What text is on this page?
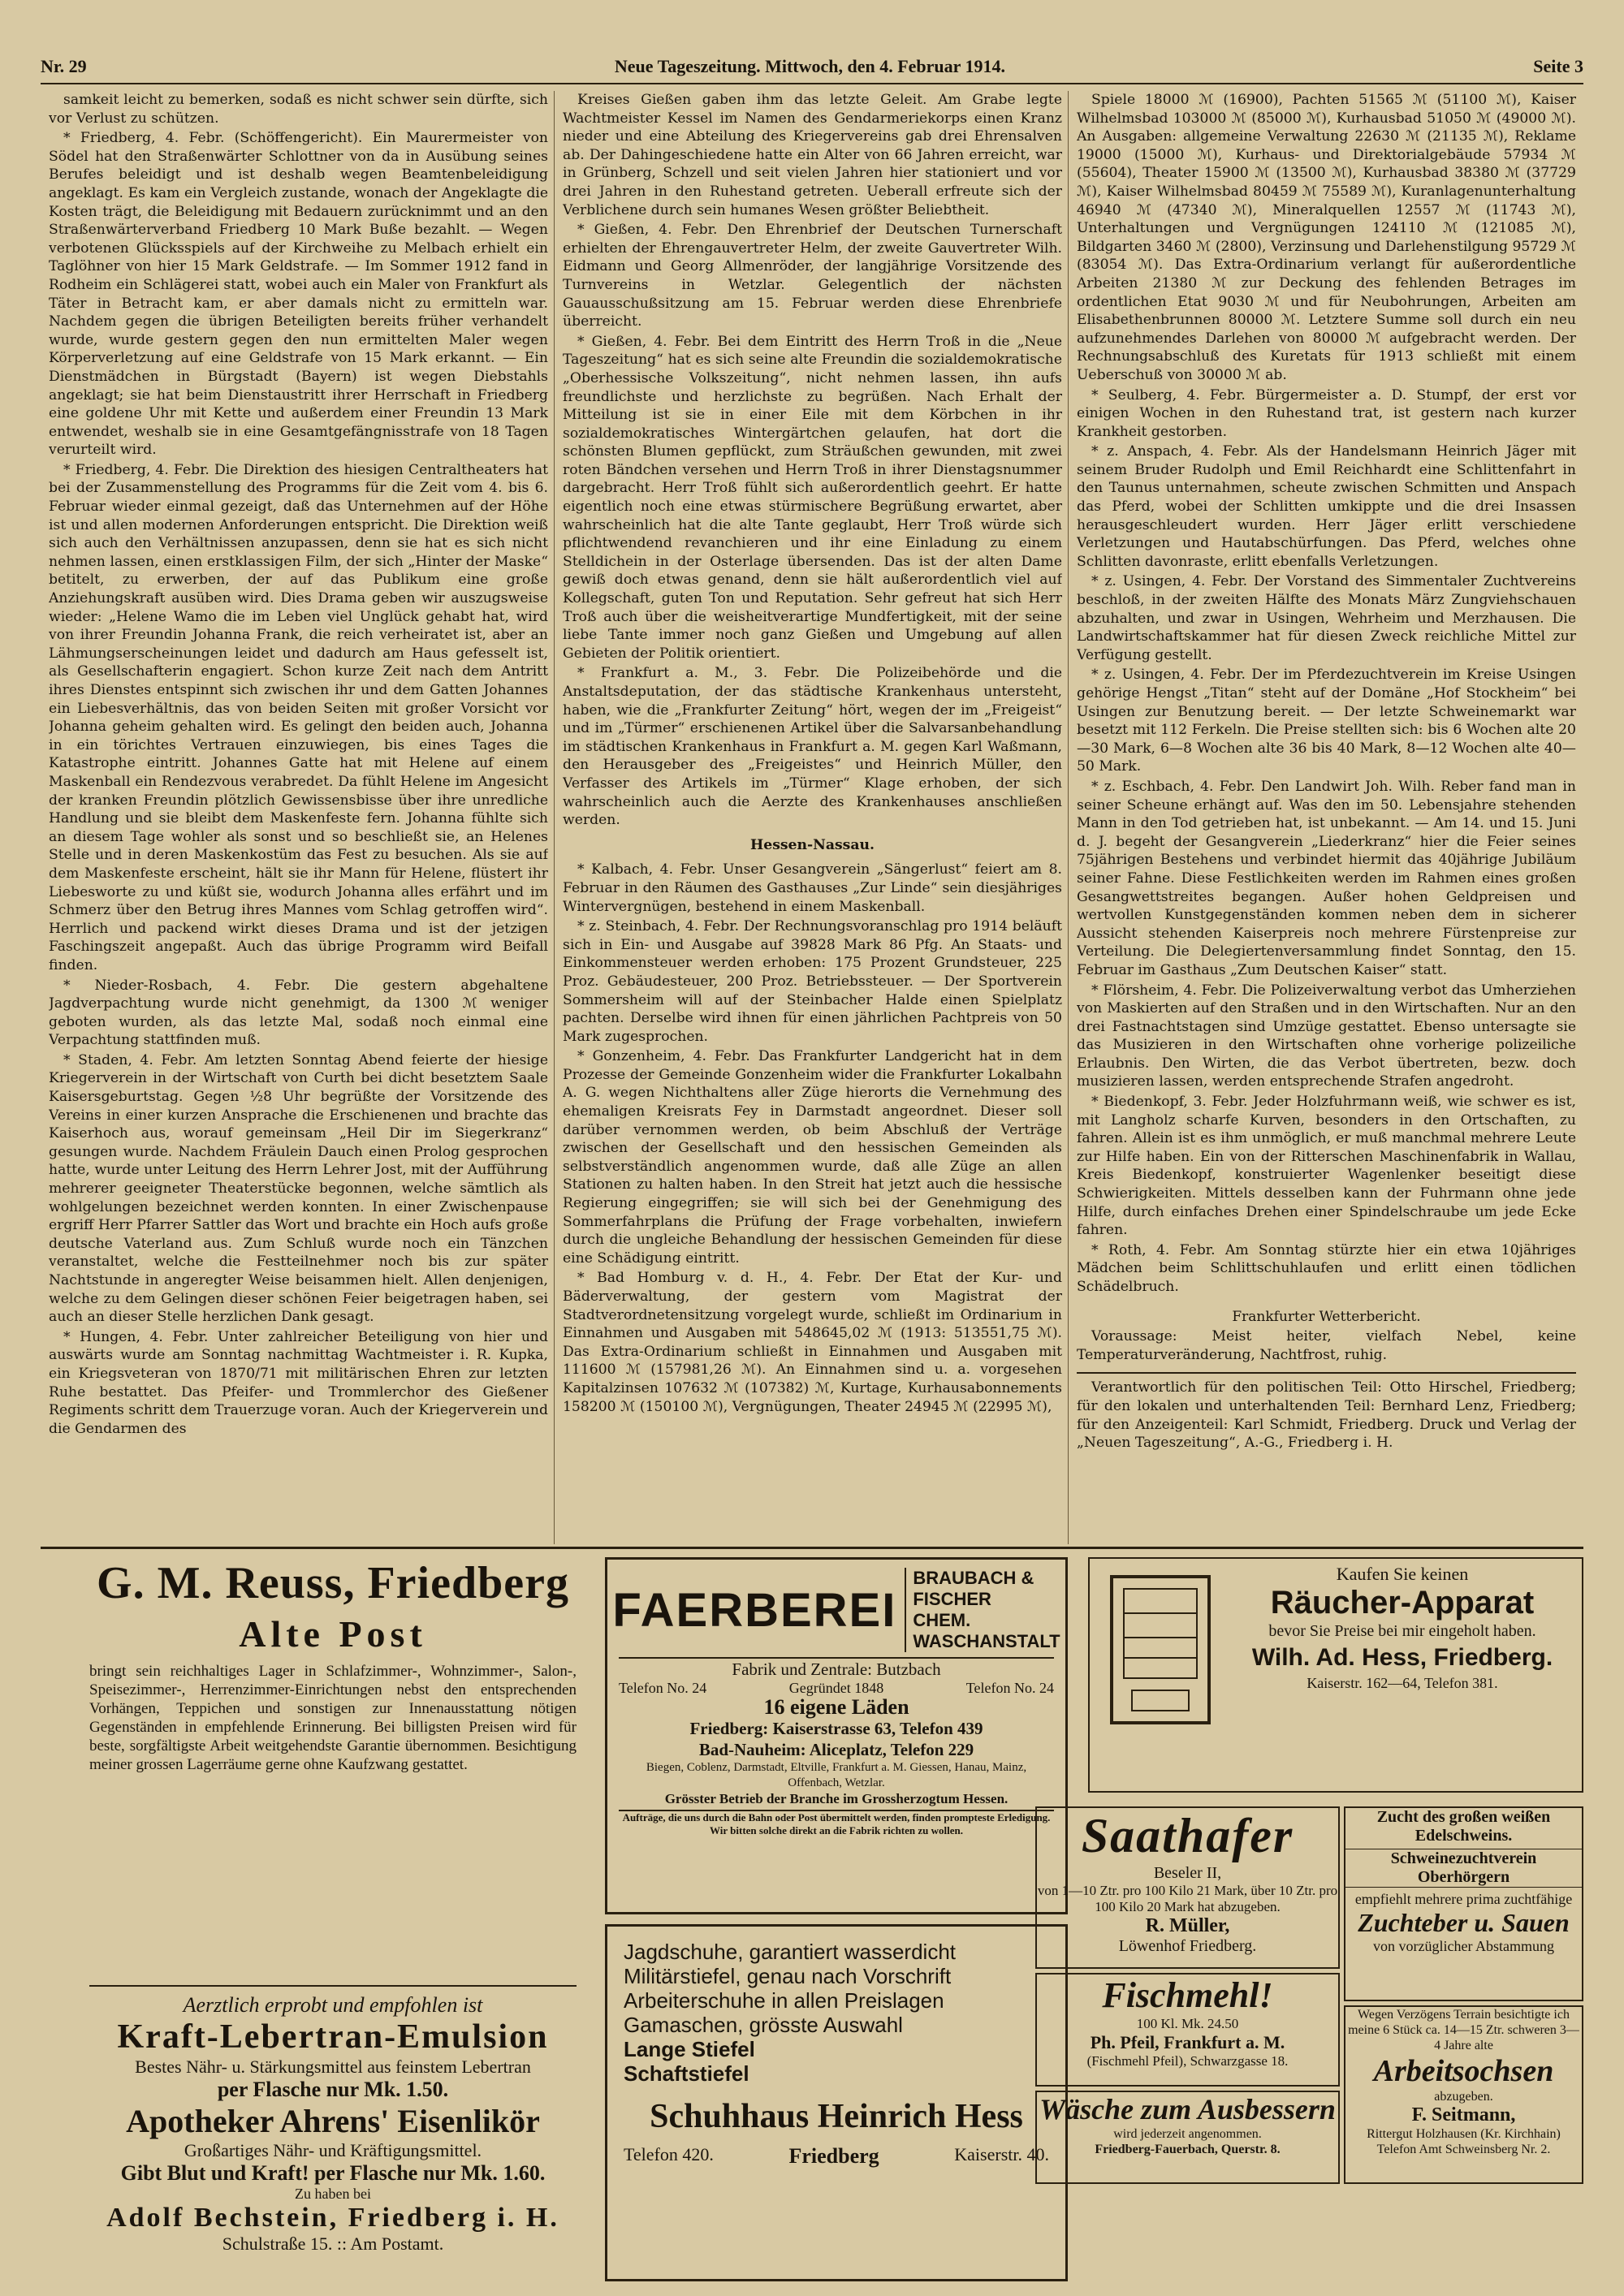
Nr. 29	Neue Tageszeitung. Mittwoch, den 4. Februar 1914.	Seite 3

samkeit leicht zu bemerken, sodaß es nicht schwer sein dürfte, sich vor Verlust zu schützen.

* Friedberg, 4. Febr. (Schöffengericht). Ein Maurermeister von Södel hat den Straßenwärter Schlottner von da in Ausübung seines Berufes beleidigt und ist deshalb wegen Beamtenbeleidigung angeklagt. Es kam ein Vergleich zustande, wonach der Angeklagte die Kosten trägt, die Beleidigung mit Bedauern zurücknimmt und an den Straßenwärterverband Friedberg 10 Mark Buße bezahlt. — Wegen verbotenen Glücksspiels auf der Kirchweihe zu Melbach erhielt ein Taglöhner von hier 15 Mark Geldstrafe. — Im Sommer 1912 fand in Rodheim ein Schlägerei statt, wobei auch ein Maler von Frankfurt als Täter in Betracht kam, er aber damals nicht zu ermitteln war. Nachdem gegen die übrigen Beteiligten bereits früher verhandelt wurde, wurde gestern gegen den nun ermittelten Maler wegen Körperverletzung auf eine Geldstrafe von 15 Mark erkannt. — Ein Dienstmädchen in Bürgstadt (Bayern) ist wegen Diebstahls angeklagt; sie hat beim Dienstaustritt ihrer Herrschaft in Friedberg eine goldene Uhr mit Kette und außerdem einer Freundin 13 Mark entwendet, weshalb sie in eine Gesamtgefängnisstrafe von 18 Tagen verurteilt wird.

* Friedberg, 4. Febr. Die Direktion des hiesigen Centraltheaters hat bei der Zusammenstellung des Programms für die Zeit vom 4. bis 6. Februar wieder einmal gezeigt, daß das Unternehmen auf der Höhe ist und allen modernen Anforderungen entspricht. Die Direktion weiß sich auch den Verhältnissen anzupassen, denn sie hat es sich nicht nehmen lassen, einen erstklassigen Film, der sich „Hinter der Maske“ betitelt, zu erwerben, der auf das Publikum eine große Anziehungskraft ausüben wird. Dies Drama geben wir auszugsweise wieder: „Helene Wamo die im Leben viel Unglück gehabt hat, wird von ihrer Freundin Johanna Frank, die reich verheiratet ist, aber an Lähmungserscheinungen leidet und dadurch am Haus gefesselt ist, als Gesellschafterin engagiert. Schon kurze Zeit nach dem Antritt ihres Dienstes entspinnt sich zwischen ihr und dem Gatten Johannes ein Liebesverhältnis, das von beiden Seiten mit großer Vorsicht vor Johanna geheim gehalten wird. Es gelingt den beiden auch, Johanna in ein törichtes Vertrauen einzuwiegen, bis eines Tages die Katastrophe eintritt. Johannes Gatte hat mit Helene auf einem Maskenball ein Rendezvous verabredet. Da fühlt Helene im Angesicht der kranken Freundin plötzlich Gewissensbisse über ihre unredliche Handlung und sie bleibt dem Maskenfeste fern. Johanna fühlte sich an diesem Tage wohler als sonst und so beschließt sie, an Helenes Stelle und in deren Maskenkostüm das Fest zu besuchen. Als sie auf dem Maskenfeste erscheint, hält sie ihr Mann für Helene, flüstert ihr Liebesworte zu und küßt sie, wodurch Johanna alles erfährt und im Schmerz über den Betrug ihres Mannes vom Schlag getroffen wird“. Herrlich und packend wirkt dieses Drama und ist der jetzigen Faschingszeit angepaßt. Auch das übrige Programm wird Beifall finden.

* Nieder-Rosbach, 4. Febr. Die gestern abgehaltene Jagdverpachtung wurde nicht genehmigt, da 1300 ℳ weniger geboten wurden, als das letzte Mal, sodaß noch einmal eine Verpachtung stattfinden muß.

* Staden, 4. Febr. Am letzten Sonntag Abend feierte der hiesige Kriegerverein in der Wirtschaft von Curth bei dicht besetztem Saale Kaisersgeburtstag. Gegen ½8 Uhr begrüßte der Vorsitzende des Vereins in einer kurzen Ansprache die Erschienenen und brachte das Kaiserhoch aus, worauf gemeinsam „Heil Dir im Siegerkranz“ gesungen wurde. Nachdem Fräulein Dauch einen Prolog gesprochen hatte, wurde unter Leitung des Herrn Lehrer Jost, mit der Aufführung mehrerer geeigneter Theaterstücke begonnen, welche sämtlich als wohlgelungen bezeichnet werden konnten. In einer Zwischenpause ergriff Herr Pfarrer Sattler das Wort und brachte ein Hoch aufs große deutsche Vaterland aus. Zum Schluß wurde noch ein Tänzchen veranstaltet, welche die Festteilnehmer noch bis zur später Nachtstunde in angeregter Weise beisammen hielt. Allen denjenigen, welche zu dem Gelingen dieser schönen Feier beigetragen haben, sei auch an dieser Stelle herzlichen Dank gesagt.

* Hungen, 4. Febr. Unter zahlreicher Beteiligung von hier und auswärts wurde am Sonntag nachmittag Wachtmeister i. R. Kupka, ein Kriegsveteran von 1870/71 mit militärischen Ehren zur letzten Ruhe bestattet. Das Pfeifer- und Trommlerchor des Gießener Regiments schritt dem Trauerzuge voran. Auch der Kriegerverein und die Gendarmen des

Kreises Gießen gaben ihm das letzte Geleit. Am Grabe legte Wachtmeister Kessel im Namen des Gendarmeriekorps einen Kranz nieder und eine Abteilung des Kriegervereins gab drei Ehrensalven ab. Der Dahingeschiedene hatte ein Alter von 66 Jahren erreicht, war in Grünberg, Schzell und seit vielen Jahren hier stationiert und vor drei Jahren in den Ruhestand getreten. Ueberall erfreute sich der Verblichene durch sein humanes Wesen größter Beliebtheit.

* Gießen, 4. Febr. Den Ehrenbrief der Deutschen Turnerschaft erhielten der Ehrengauvertreter Helm, der zweite Gauvertreter Wilh. Eidmann und Georg Allmenröder, der langjährige Vorsitzende des Turnvereins in Wetzlar. Gelegentlich der nächsten Gauausschußsitzung am 15. Februar werden diese Ehrenbriefe überreicht.

* Gießen, 4. Febr. Bei dem Eintritt des Herrn Troß in die „Neue Tageszeitung“ hat es sich seine alte Freundin die sozialdemokratische „Oberhessische Volkszeitung“, nicht nehmen lassen, ihn aufs freundlichste und herzlichste zu begrüßen. Nach Erhalt der Mitteilung ist sie in einer Eile mit dem Körbchen in ihr sozialdemokratisches Wintergärtchen gelaufen, hat dort die schönsten Blumen gepflückt, zum Sträußchen gewunden, mit zwei roten Bändchen versehen und Herrn Troß in ihrer Dienstagsnummer dargebracht. Herr Troß fühlt sich außerordentlich geehrt. Er hatte eigentlich noch eine etwas stürmischere Begrüßung erwartet, aber wahrscheinlich hat die alte Tante geglaubt, Herr Troß würde sich pflichtwendend revanchieren und ihr eine Einladung zu einem Stelldichein in der Osterlage übersenden. Das ist der alten Dame gewiß doch etwas genand, denn sie hält außerordentlich viel auf Kollegschaft, guten Ton und Reputation. Sehr gefreut hat sich Herr Troß auch über die weisheitverartige Mundfertigkeit, mit der seine liebe Tante immer noch ganz Gießen und Umgebung auf allen Gebieten der Politik orientiert.

* Frankfurt a. M., 3. Febr. Die Polizeibehörde und die Anstaltsdeputation, der das städtische Krankenhaus untersteht, haben, wie die „Frankfurter Zeitung“ hört, wegen der im „Freigeist“ und im „Türmer“ erschienenen Artikel über die Salvarsanbehandlung im städtischen Krankenhaus in Frankfurt a. M. gegen Karl Waßmann, den Herausgeber des „Freigeistes“ und Heinrich Müller, den Verfasser des Artikels im „Türmer“ Klage erhoben, der sich wahrscheinlich auch die Aerzte des Krankenhauses anschließen werden.

Hessen-Nassau.

* Kalbach, 4. Febr. Unser Gesangverein „Sängerlust“ feiert am 8. Februar in den Räumen des Gasthauses „Zur Linde“ sein diesjähriges Wintervergnügen, bestehend in einem Maskenball.

* z. Steinbach, 4. Febr. Der Rechnungsvoranschlag pro 1914 beläuft sich in Ein- und Ausgabe auf 39828 Mark 86 Pfg. An Staats- und Einkommensteuer werden erhoben: 175 Prozent Grundsteuer, 225 Proz. Gebäudesteuer, 200 Proz. Betriebssteuer. — Der Sportverein Sommersheim will auf der Steinbacher Halde einen Spielplatz pachten. Derselbe wird ihnen für einen jährlichen Pachtpreis von 50 Mark zugesprochen.

* Gonzenheim, 4. Febr. Das Frankfurter Landgericht hat in dem Prozesse der Gemeinde Gonzenheim wider die Frankfurter Lokalbahn A. G. wegen Nichthaltens aller Züge hierorts die Vernehmung des ehemaligen Kreisrats Fey in Darmstadt angeordnet. Dieser soll darüber vernommen werden, ob beim Abschluß der Verträge zwischen der Gesellschaft und den hessischen Gemeinden als selbstverständlich angenommen wurde, daß alle Züge an allen Stationen zu halten haben. In den Streit hat jetzt auch die hessische Regierung eingegriffen; sie will sich bei der Genehmigung des Sommerfahrplans die Prüfung der Frage vorbehalten, inwiefern durch die ungleiche Behandlung der hessischen Gemeinden für diese eine Schädigung eintritt.

* Bad Homburg v. d. H., 4. Febr. Der Etat der Kur- und Bäderverwaltung, der gestern vom Magistrat der Stadtverordnetensitzung vorgelegt wurde, schließt im Ordinarium in Einnahmen und Ausgaben mit 548645,02 ℳ (1913: 513551,75 ℳ). Das Extra-Ordinarium schließt in Einnahmen und Ausgaben mit 111600 ℳ (157981,26 ℳ). An Einnahmen sind u. a. vorgesehen Kapitalzinsen 107632 ℳ (107382) ℳ, Kurtage, Kurhausabonnements 158200 ℳ (150100 ℳ), Vergnügungen, Theater 24945 ℳ (22995 ℳ),

Spiele 18000 ℳ (16900), Pachten 51565 ℳ (51100 ℳ), Kaiser Wilhelmsbad 103000 ℳ (85000 ℳ), Kurhausbad 51050 ℳ (49000 ℳ). An Ausgaben: allgemeine Verwaltung 22630 ℳ (21135 ℳ), Reklame 19000 (15000 ℳ), Kurhaus- und Direktorialgebäude 57934 ℳ (55604), Theater 15900 ℳ (13500 ℳ), Kurhausbad 38380 ℳ (37729 ℳ), Kaiser Wilhelmsbad 80459 ℳ 75589 ℳ), Kuranlagenunterhaltung 46940 ℳ (47340 ℳ), Mineralquellen 12557 ℳ (11743 ℳ), Unterhaltungen und Vergnügungen 124110 ℳ (121085 ℳ), Bildgarten 3460 ℳ (2800), Verzinsung und Darlehenstilgung 95729 ℳ (83054 ℳ). Das Extra-Ordinarium verlangt für außerordentliche Arbeiten 21380 ℳ zur Deckung des fehlenden Betrages im ordentlichen Etat 9030 ℳ und für Neubohrungen, Arbeiten am Elisabethenbrunnen 80000 ℳ. Letztere Summe soll durch ein neu aufzunehmendes Darlehen von 80000 ℳ aufgebracht werden. Der Rechnungsabschluß des Kuretats für 1913 schließt mit einem Ueberschuß von 30000 ℳ ab.

* Seulberg, 4. Febr. Bürgermeister a. D. Stumpf, der erst vor einigen Wochen in den Ruhestand trat, ist gestern nach kurzer Krankheit gestorben.

* z. Anspach, 4. Febr. Als der Handelsmann Heinrich Jäger mit seinem Bruder Rudolph und Emil Reichhardt eine Schlittenfahrt in den Taunus unternahmen, scheute zwischen Schmitten und Anspach das Pferd, wobei der Schlitten umkippte und die drei Insassen herausgeschleudert wurden. Herr Jäger erlitt verschiedene Verletzungen und Hautabschürfungen. Das Pferd, welches ohne Schlitten davonraste, erlitt ebenfalls Verletzungen.

* z. Usingen, 4. Febr. Der Vorstand des Simmentaler Zuchtvereins beschloß, in der zweiten Hälfte des Monats März Zungviehschauen abzuhalten, und zwar in Usingen, Wehrheim und Merzhausen. Die Landwirtschaftskammer hat für diesen Zweck reichliche Mittel zur Verfügung gestellt.

* z. Usingen, 4. Febr. Der im Pferdezuchtverein im Kreise Usingen gehörige Hengst „Titan“ steht auf der Domäne „Hof Stockheim“ bei Usingen zur Benutzung bereit. — Der letzte Schweinemarkt war besetzt mit 112 Ferkeln. Die Preise stellten sich: bis 6 Wochen alte 20—30 Mark, 6—8 Wochen alte 36 bis 40 Mark, 8—12 Wochen alte 40—50 Mark.

* z. Eschbach, 4. Febr. Den Landwirt Joh. Wilh. Reber fand man in seiner Scheune erhängt auf. Was den im 50. Lebensjahre stehenden Mann in den Tod getrieben hat, ist unbekannt. — Am 14. und 15. Juni d. J. begeht der Gesangverein „Liederkranz“ hier die Feier seines 75jährigen Bestehens und verbindet hiermit das 40jährige Jubiläum seiner Fahne. Diese Festlichkeiten werden im Rahmen eines großen Gesangwettstreites begangen. Außer hohen Geldpreisen und wertvollen Kunstgegenständen kommen neben dem in sicherer Aussicht stehenden Kaiserpreis noch mehrere Fürstenpreise zur Verteilung. Die Delegiertenversammlung findet Sonntag, den 15. Februar im Gasthaus „Zum Deutschen Kaiser“ statt.

* Flörsheim, 4. Febr. Die Polizeiverwaltung verbot das Umherziehen von Maskierten auf den Straßen und in den Wirtschaften. Nur an den drei Fastnachtstagen sind Umzüge gestattet. Ebenso untersagte sie das Musizieren in den Wirtschaften ohne vorherige polizeiliche Erlaubnis. Den Wirten, die das Verbot übertreten, bezw. doch musizieren lassen, werden entsprechende Strafen angedroht.

* Biedenkopf, 3. Febr. Jeder Holzfuhrmann weiß, wie schwer es ist, mit Langholz scharfe Kurven, besonders in den Ortschaften, zu fahren. Allein ist es ihm unmöglich, er muß manchmal mehrere Leute zur Hilfe haben. Ein von der Ritterschen Maschinenfabrik in Wallau, Kreis Biedenkopf, konstruierter Wagenlenker beseitigt diese Schwierigkeiten. Mittels desselben kann der Fuhrmann ohne jede Hilfe, durch einfaches Drehen einer Spindelschraube um jede Ecke fahren.

* Roth, 4. Febr. Am Sonntag stürzte hier ein etwa 10jähriges Mädchen beim Schlittschuhlaufen und erlitt einen tödlichen Schädelbruch.

Frankfurter Wetterbericht.

Voraussage: Meist heiter, vielfach Nebel, keine Temperaturveränderung, Nachtfrost, ruhig.

Verantwortlich für den politischen Teil: Otto Hirschel, Friedberg; für den lokalen und unterhaltenden Teil: Bernhard Lenz, Friedberg; für den Anzeigenteil: Karl Schmidt, Friedberg. Druck und Verlag der „Neuen Tageszeitung“, A.-G., Friedberg i. H.

G. M. Reuss, Friedberg
Alte Post
bringt sein reichhaltiges Lager in Schlafzimmer-, Wohnzimmer-, Salon-, Speisezimmer-, Herrenzimmer-Einrichtungen nebst den entsprechenden Vorhängen, Teppichen und sonstigen zur Innenausstattung nötigen Gegenständen in empfehlende Erinnerung. Bei billigsten Preisen wird für beste, sorgfältigste Arbeit weitgehendste Garantie übernommen. Besichtigung meiner grossen Lagerräume gerne ohne Kaufzwang gestattet.
Aerztlich erprobt und empfohlen ist
Kraft-Lebertran-Emulsion
Bestes Nähr- u. Stärkungsmittel aus feinstem Lebertran
per Flasche nur Mk. 1.50.
Apotheker Ahrens' Eisenlikör
Großartiges Nähr- und Kräftigungsmittel.
Gibt Blut und Kraft! per Flasche nur Mk. 1.60.
Zu haben bei
Adolf Bechstein, Friedberg i. H.
Schulstraße 15. :: Am Postamt.
FAERBEREI
BRAUBACH & FISCHER
CHEM. WASCHANSTALT
Fabrik und Zentrale: Butzbach
Telefon No. 24	Gegründet 1848	Telefon No. 24
16 eigene Läden
Friedberg: Kaiserstrasse 63, Telefon 439
Bad-Nauheim: Aliceplatz, Telefon 229
Biegen, Coblenz, Darmstadt, Eltville, Frankfurt a. M. Giessen, Hanau, Mainz, Offenbach, Wetzlar.
Grösster Betrieb der Branche im Grossherzogtum Hessen.
Aufträge, die uns durch die Bahn oder Post übermittelt werden, finden prompteste Erledigung. Wir bitten solche direkt an die Fabrik richten zu wollen.
Jagdschuhe, garantiert wasserdicht
Militärstiefel, genau nach Vorschrift
Arbeiterschuhe in allen Preislagen
Gamaschen, grösste Auswahl
Lange Stiefel
Schaftstiefel
Schuhhaus Heinrich Hess
Telefon 420.	Friedberg	Kaiserstr. 40.
Kaufen Sie keinen
Räucher-Apparat
bevor Sie Preise bei mir eingeholt haben.
Wilh. Ad. Hess, Friedberg.
Kaiserstr. 162—64, Telefon 381.
Saathafer
Beseler II,
von 1—10 Ztr. pro 100 Kilo 21 Mark, über 10 Ztr. pro 100 Kilo 20 Mark hat abzugeben.
R. Müller,
Löwenhof Friedberg.
Fischmehl!
100 Kl. Mk. 24.50
Ph. Pfeil, Frankfurt a. M.
(Fischmehl Pfeil), Schwarzgasse 18.
Wäsche zum Ausbessern
wird jederzeit angenommen.
Friedberg-Fauerbach, Querstr. 8.
Zucht des großen weißen Edelschweins.
Schweinezuchtverein Oberhörgern
empfiehlt mehrere prima zuchtfähige
Zuchteber u. Sauen
von vorzüglicher Abstammung
Wegen Verzögens Terrain besichtigte ich meine 6 Stück ca. 14—15 Ztr. schweren 3—4 Jahre alte
Arbeitsochsen
abzugeben.
F. Seitmann,
Rittergut Holzhausen (Kr. Kirchhain) Telefon Amt Schweinsberg Nr. 2.
